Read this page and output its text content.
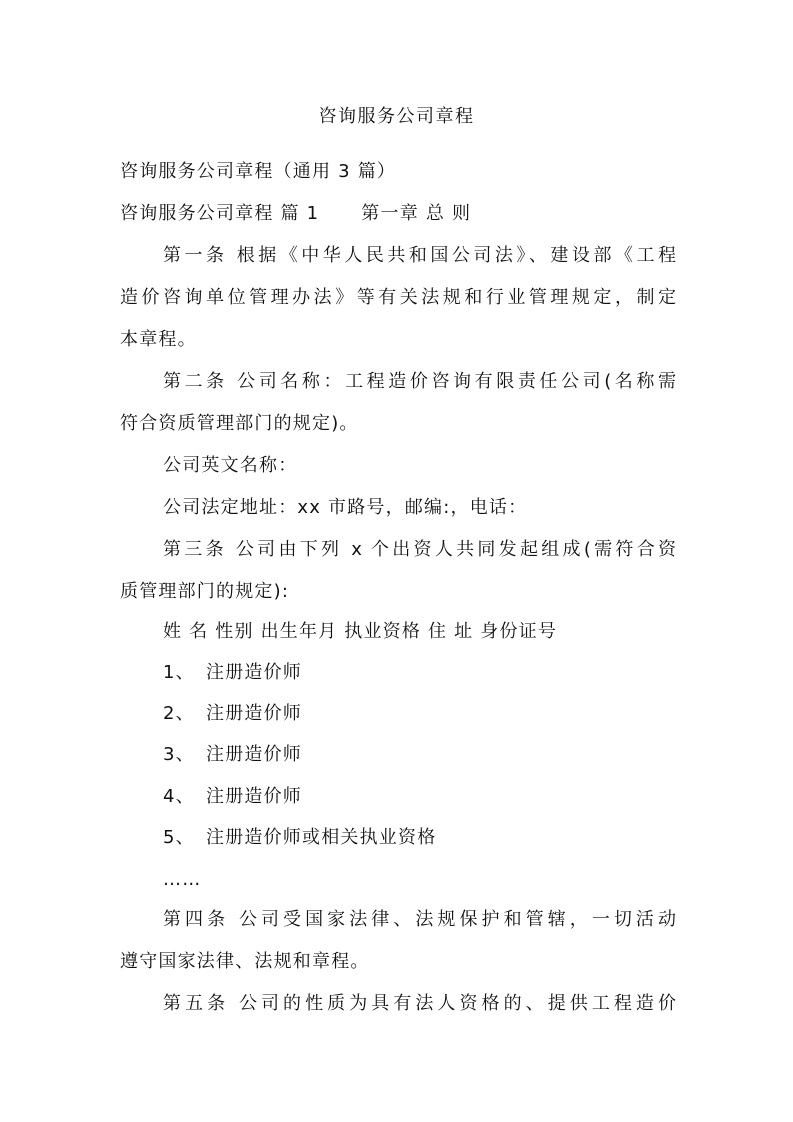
咨询服务公司章程
咨询服务公司章程（通用 3 篇）
咨询服务公司章程 篇 1 第一章 总 则
第一条 根据《中华人民共和国公司法》、建设部《工程
造价咨询单位管理办法》等有关法规和行业管理规定，制定
本章程。
第二条 公司名称：工程造价咨询有限责任公司(名称需
符合资质管理部门的规定)。
公司英文名称：
公司法定地址：xx 市路号，邮编:，电话：
第三条 公司由下列 x 个出资人共同发起组成(需符合资
质管理部门的规定):
姓 名 性别 出生年月 执业资格 住 址 身份证号
1、 注册造价师
2、 注册造价师
3、 注册造价师
4、 注册造价师
5、 注册造价师或相关执业资格
……
第四条 公司受国家法律、法规保护和管辖，一切活动
遵守国家法律、法规和章程。
第五条 公司的性质为具有法人资格的、提供工程造价
